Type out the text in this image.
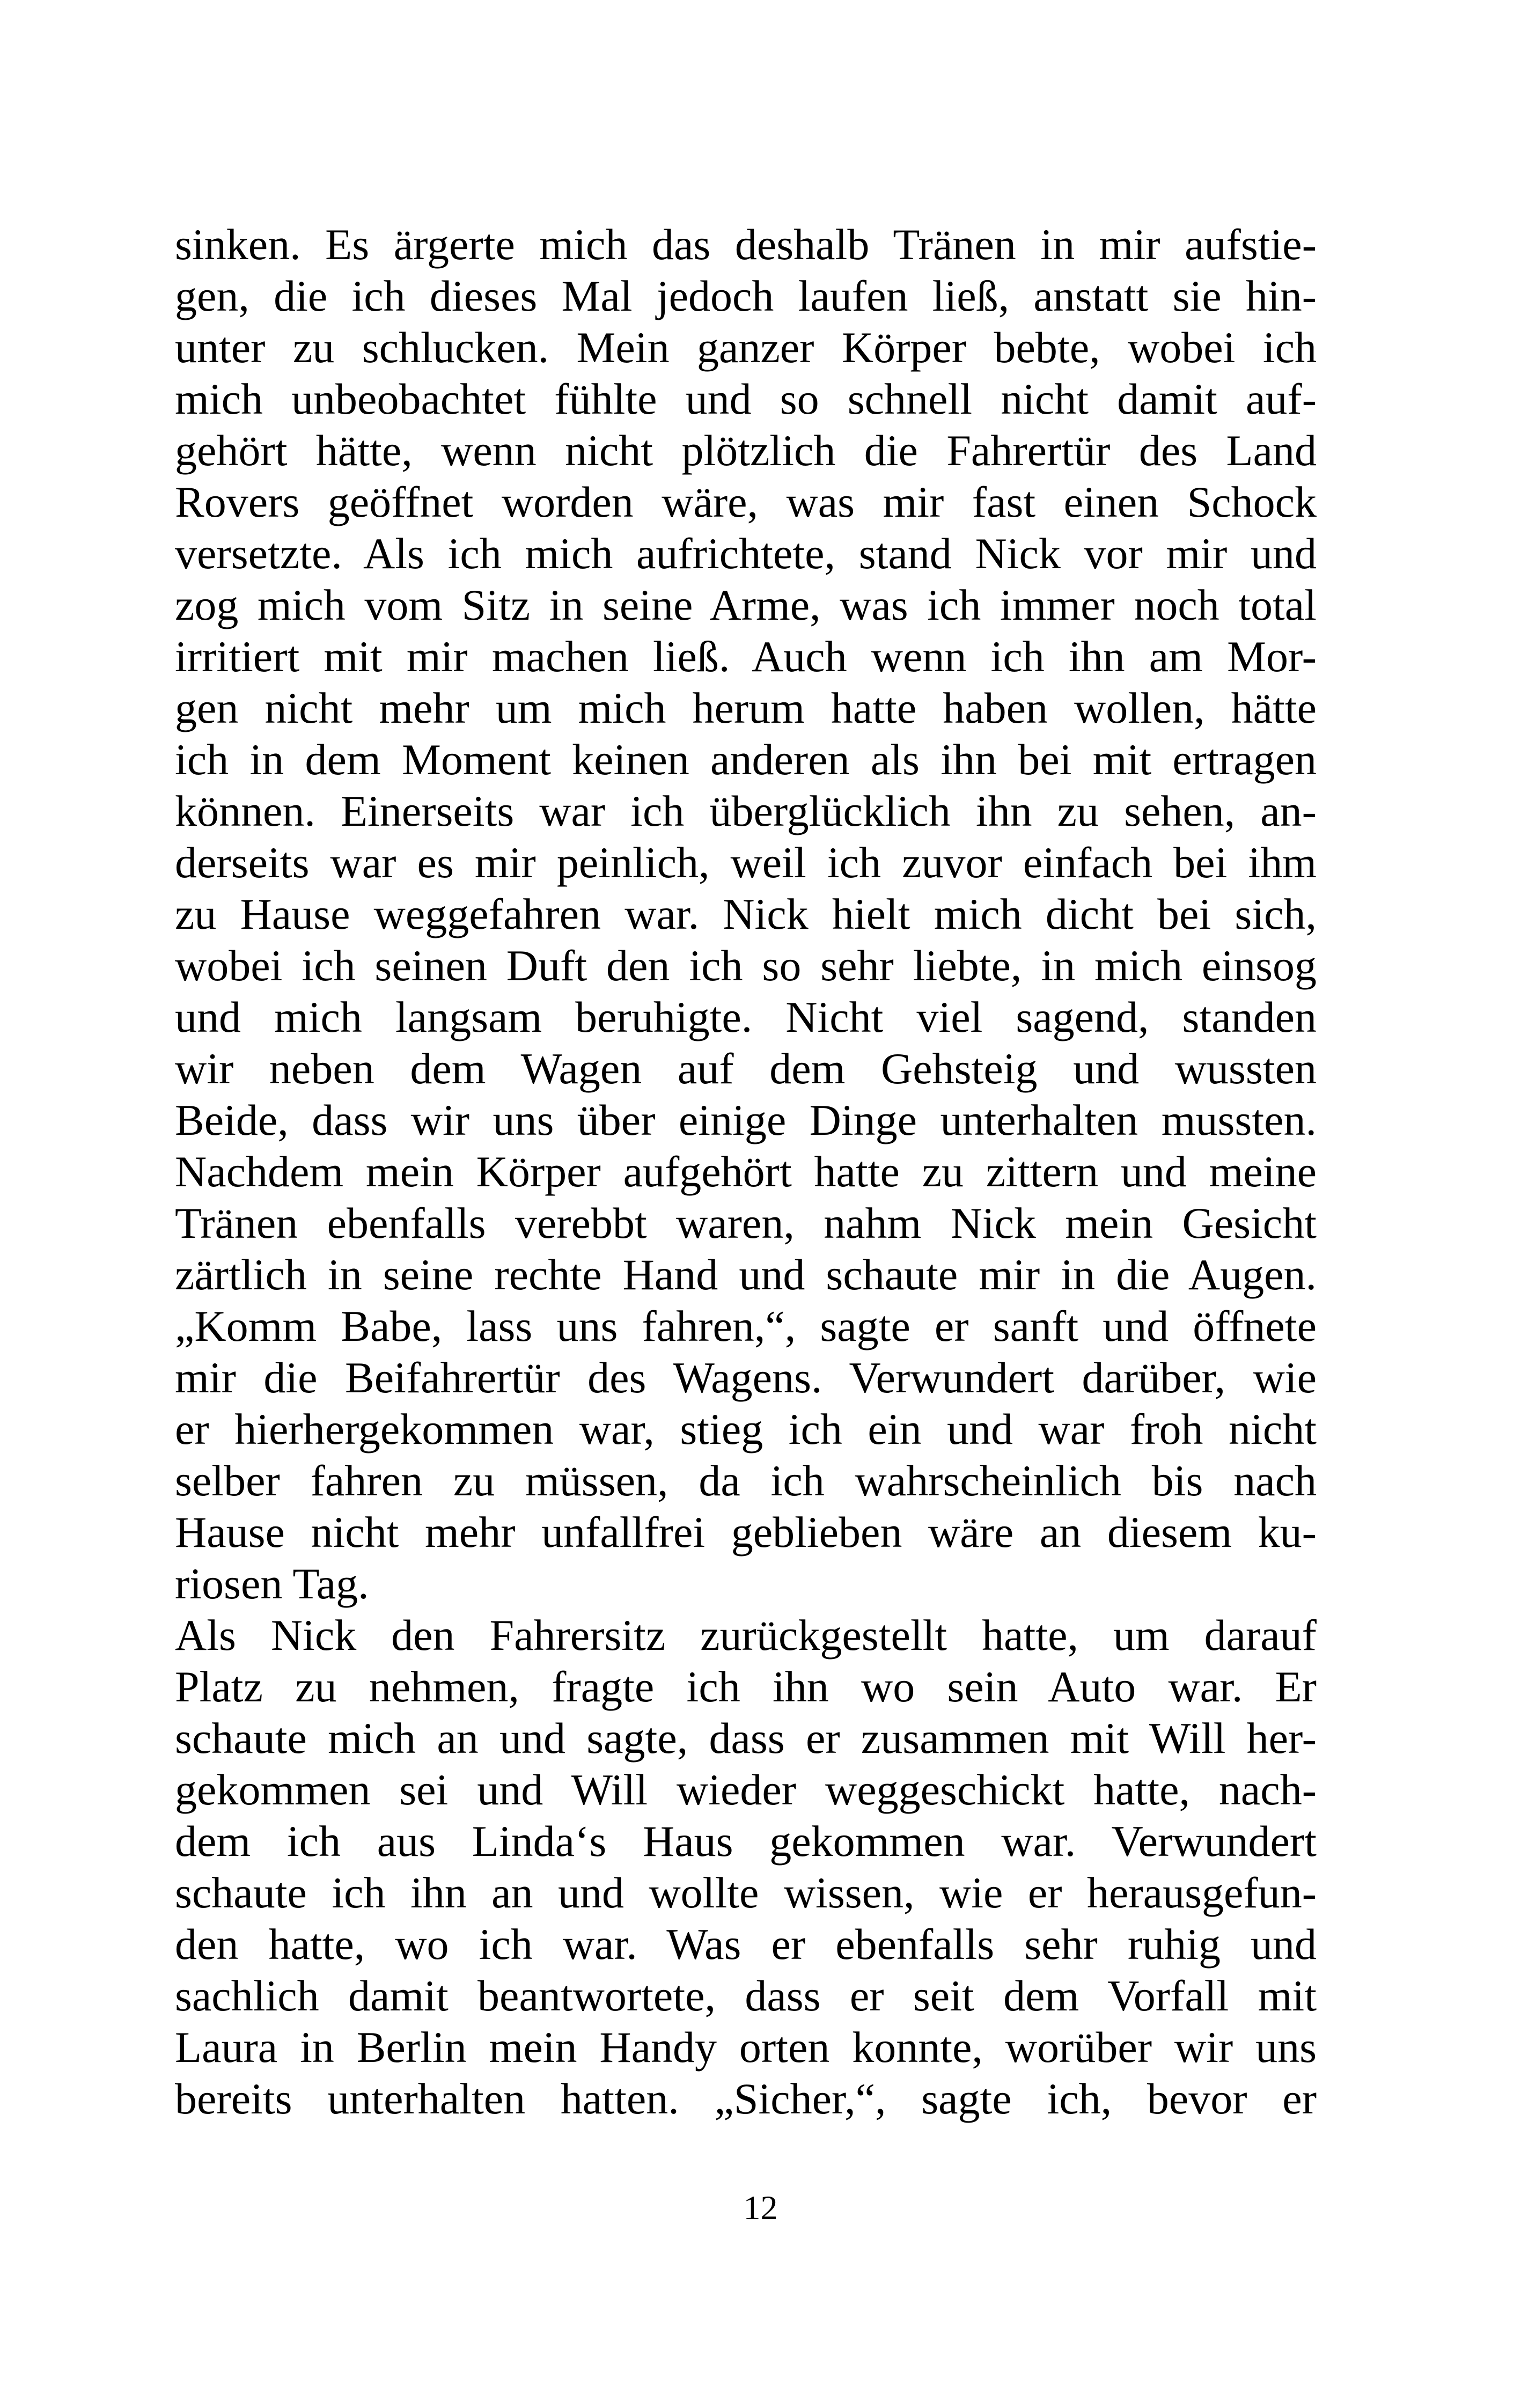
sinken. Es ärgerte mich das deshalb Tränen in mir aufstie-
gen, die ich dieses Mal jedoch laufen ließ, anstatt sie hin-
unter zu schlucken. Mein ganzer Körper bebte, wobei ich
mich unbeobachtet fühlte und so schnell nicht damit auf-
gehört hätte, wenn nicht plötzlich die Fahrertür des Land
Rovers geöffnet worden wäre, was mir fast einen Schock
versetzte. Als ich mich aufrichtete, stand Nick vor mir und
zog mich vom Sitz in seine Arme, was ich immer noch total
irritiert mit mir machen ließ. Auch wenn ich ihn am Mor-
gen nicht mehr um mich herum hatte haben wollen, hätte
ich in dem Moment keinen anderen als ihn bei mit ertragen
können. Einerseits war ich überglücklich ihn zu sehen, an-
derseits war es mir peinlich, weil ich zuvor einfach bei ihm
zu Hause weggefahren war. Nick hielt mich dicht bei sich,
wobei ich seinen Duft den ich so sehr liebte, in mich einsog
und mich langsam beruhigte. Nicht viel sagend, standen
wir neben dem Wagen auf dem Gehsteig und wussten
Beide, dass wir uns über einige Dinge unterhalten mussten.
Nachdem mein Körper aufgehört hatte zu zittern und meine
Tränen ebenfalls verebbt waren, nahm Nick mein Gesicht
zärtlich in seine rechte Hand und schaute mir in die Augen.
„Komm Babe, lass uns fahren,“, sagte er sanft und öffnete
mir die Beifahrertür des Wagens. Verwundert darüber, wie
er hierhergekommen war, stieg ich ein und war froh nicht
selber fahren zu müssen, da ich wahrscheinlich bis nach
Hause nicht mehr unfallfrei geblieben wäre an diesem ku-
riosen Tag.
Als Nick den Fahrersitz zurückgestellt hatte, um darauf
Platz zu nehmen, fragte ich ihn wo sein Auto war. Er
schaute mich an und sagte, dass er zusammen mit Will her-
gekommen sei und Will wieder weggeschickt hatte, nach-
dem ich aus Linda‘s Haus gekommen war. Verwundert
schaute ich ihn an und wollte wissen, wie er herausgefun-
den hatte, wo ich war. Was er ebenfalls sehr ruhig und
sachlich damit beantwortete, dass er seit dem Vorfall mit
Laura in Berlin mein Handy orten konnte, worüber wir uns
bereits unterhalten hatten. „Sicher,“, sagte ich, bevor er
12
